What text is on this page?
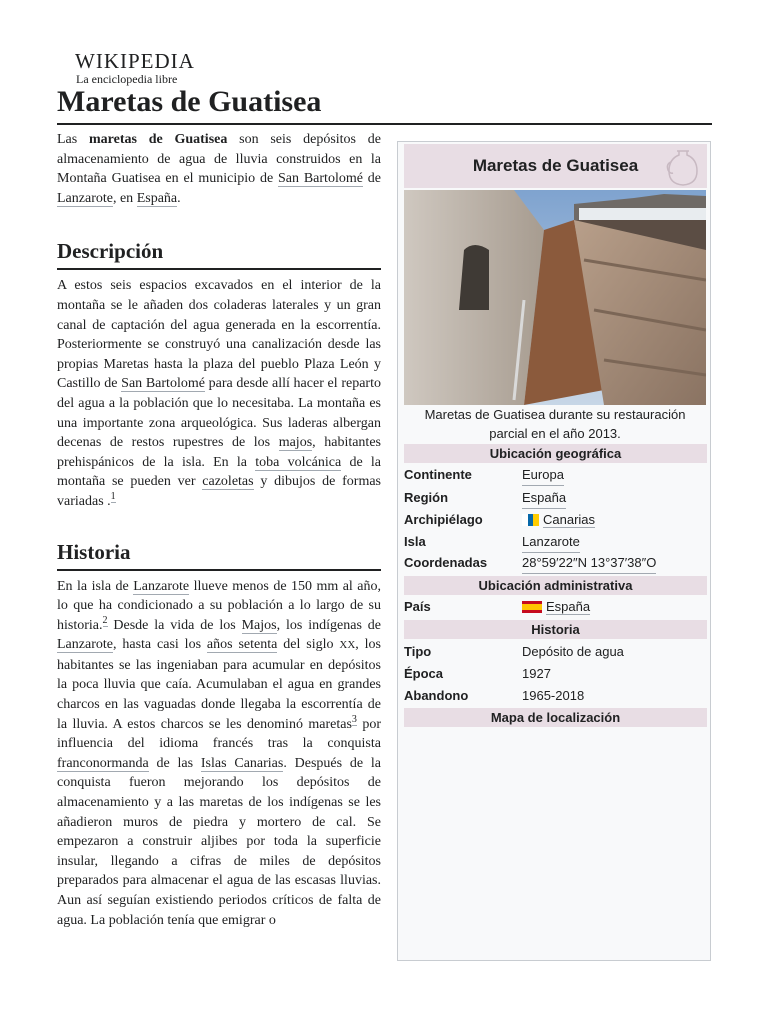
WIKIPEDIA
La enciclopedia libre
Maretas de Guatisea

Las maretas de Guatisea son seis depósitos de almacenamiento de agua de lluvia construidos en la Montaña Guatisea en el municipio de San Bartolomé de Lanzarote, en España.

Descripción

A estos seis espacios excavados en el interior de la montaña se le añaden dos coladeras laterales y un gran canal de captación del agua generada en la escorrentía. Posteriormente se construyó una canalización desde las propias Maretas hasta la plaza del pueblo Plaza León y Castillo de San Bartolomé para desde allí hacer el reparto del agua a la población que lo necesitaba. La montaña es una importante zona arqueológica. Sus laderas albergan decenas de restos rupestres de los majos, habitantes prehispánicos de la isla. En la toba volcánica de la montaña se pueden ver cazoletas y dibujos de formas variadas .$^1$

Historia

En la isla de Lanzarote llueve menos de 150 mm al año, lo que ha condicionado a su población a lo largo de su historia.$^2$ Desde la vida de los Majos, los indígenas de Lanzarote, hasta casi los años setenta del siglo XX, los habitantes se las ingeniaban para acumular en depósitos la poca lluvia que caía. Acumulaban el agua en grandes charcos en las vaguadas donde llegaba la escorrentía de la lluvia. A estos charcos se les denominó maretas$^3$ por influencia del idioma francés tras la conquista franconormanda de las Islas Canarias. Después de la conquista fueron mejorando los depósitos de almacenamiento y a las maretas de los indígenas se les añadieron muros de piedra y mortero de cal. Se empezaron a construir aljibes por toda la superficie insular, llegando a cifras de miles de depósitos preparados para almacenar el agua de las escasas lluvias. Aun así seguían existiendo periodos críticos de falta de agua. La población tenía que emigrar o

Maretas de Guatisea
Maretas de Guatisea durante su restauración parcial en el año 2013.
Ubicación geográfica
Continente	Europa
Región	España
Archipiélago	Canarias
Isla	Lanzarote
Coordenadas	28°59′22″N 13°37′38″O
Ubicación administrativa
País	España
Historia
Tipo	Depósito de agua
Época	1927
Abandono	1965-2018
Mapa de localización
